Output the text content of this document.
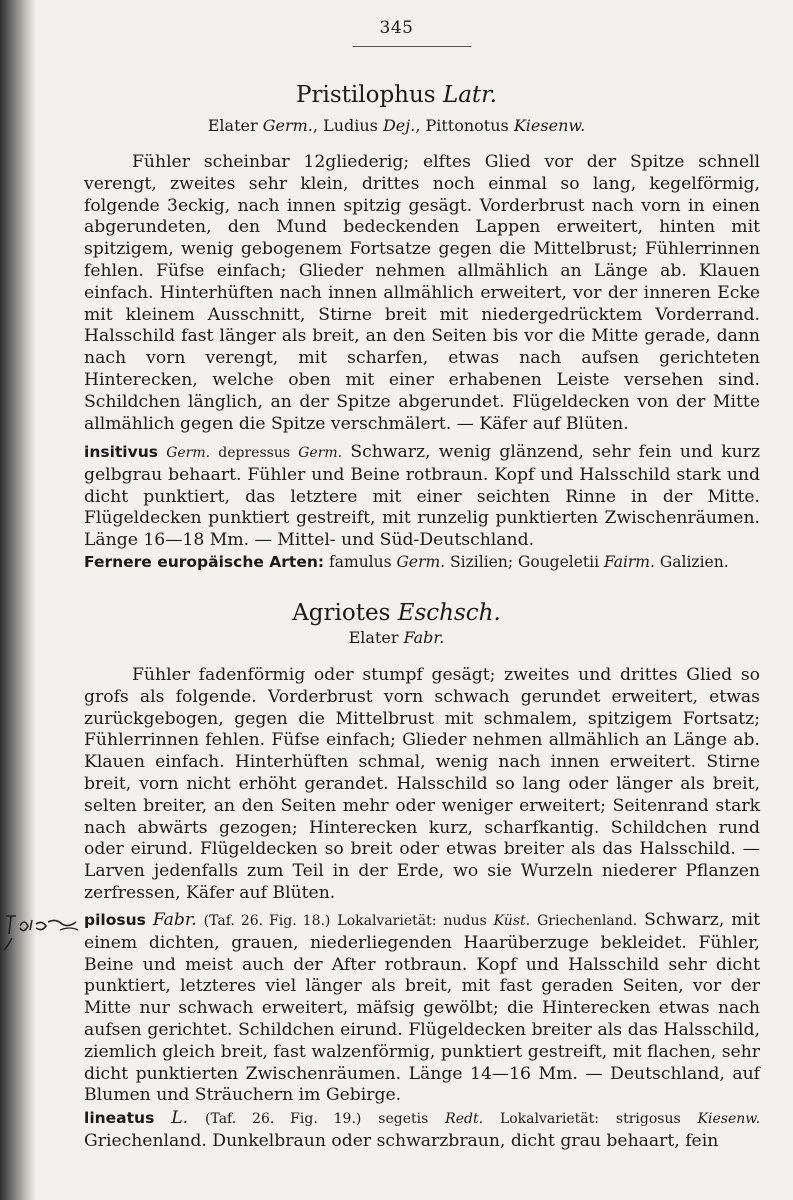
345
Pristilophus Latr.
Elater Germ., Ludius Dej., Pittonotus Kiesenw.
Fühler scheinbar 12gliederig; elftes Glied vor der Spitze schnell verengt, zweites sehr klein, drittes noch einmal so lang, kegelförmig, folgende 3eckig, nach innen spitzig gesägt. Vorderbrust nach vorn in einen abgerundeten, den Mund bedeckenden Lappen erweitert, hinten mit spitzigem, wenig gebogenem Fortsatze gegen die Mittelbrust; Fühlerrinnen fehlen. Füfse einfach; Glieder nehmen allmählich an Länge ab. Klauen einfach. Hinterhüften nach innen allmählich erweitert, vor der inneren Ecke mit kleinem Ausschnitt, Stirne breit mit niedergedrücktem Vorderrand. Halsschild fast länger als breit, an den Seiten bis vor die Mitte gerade, dann nach vorn verengt, mit scharfen, etwas nach aufsen gerichteten Hinterecken, welche oben mit einer erhabenen Leiste versehen sind. Schildchen länglich, an der Spitze abgerundet. Flügeldecken von der Mitte allmählich gegen die Spitze verschmälert. — Käfer auf Blüten.
insitivus Germ. depressus Germ. Schwarz, wenig glänzend, sehr fein und kurz gelbgrau behaart. Fühler und Beine rotbraun. Kopf und Halsschild stark und dicht punktiert, das letztere mit einer seichten Rinne in der Mitte. Flügeldecken punktiert gestreift, mit runzelig punktierten Zwischenräumen. Länge 16—18 Mm. — Mittel- und Süd-Deutschland.
Fernere europäische Arten: famulus Germ. Sizilien; Gougeletii Fairm. Galizien.
Agriotes Eschsch.
Elater Fabr.
Fühler fadenförmig oder stumpf gesägt; zweites und drittes Glied so grofs als folgende. Vorderbrust vorn schwach gerundet erweitert, etwas zurückgebogen, gegen die Mittelbrust mit schmalem, spitzigem Fortsatz; Fühlerrinnen fehlen. Füfse einfach; Glieder nehmen allmählich an Länge ab. Klauen einfach. Hinterhüften schmal, wenig nach innen erweitert. Stirne breit, vorn nicht erhöht gerandet. Halsschild so lang oder länger als breit, selten breiter, an den Seiten mehr oder weniger erweitert; Seitenrand stark nach abwärts gezogen; Hinterecken kurz, scharfkantig. Schildchen rund oder eirund. Flügeldecken so breit oder etwas breiter als das Halsschild. — Larven jedenfalls zum Teil in der Erde, wo sie Wurzeln niederer Pflanzen zerfressen, Käfer auf Blüten.
pilosus Fabr. (Taf. 26. Fig. 18.) Lokalvarietät: nudus Küst. Griechenland. Schwarz, mit einem dichten, grauen, niederliegenden Haarüberzuge bekleidet. Fühler, Beine und meist auch der After rotbraun. Kopf und Halsschild sehr dicht punktiert, letzteres viel länger als breit, mit fast geraden Seiten, vor der Mitte nur schwach erweitert, mäfsig gewölbt; die Hinterecken etwas nach aufsen gerichtet. Schildchen eirund. Flügeldecken breiter als das Halsschild, ziemlich gleich breit, fast walzenförmig, punktiert gestreift, mit flachen, sehr dicht punktierten Zwischenräumen. Länge 14—16 Mm. — Deutschland, auf Blumen und Sträuchern im Gebirge.
lineatus L. (Taf. 26. Fig. 19.) segetis Redt. Lokalvarietät: strigosus Kiesenw. Griechenland. Dunkelbraun oder schwarzbraun, dicht grau behaart, fein
